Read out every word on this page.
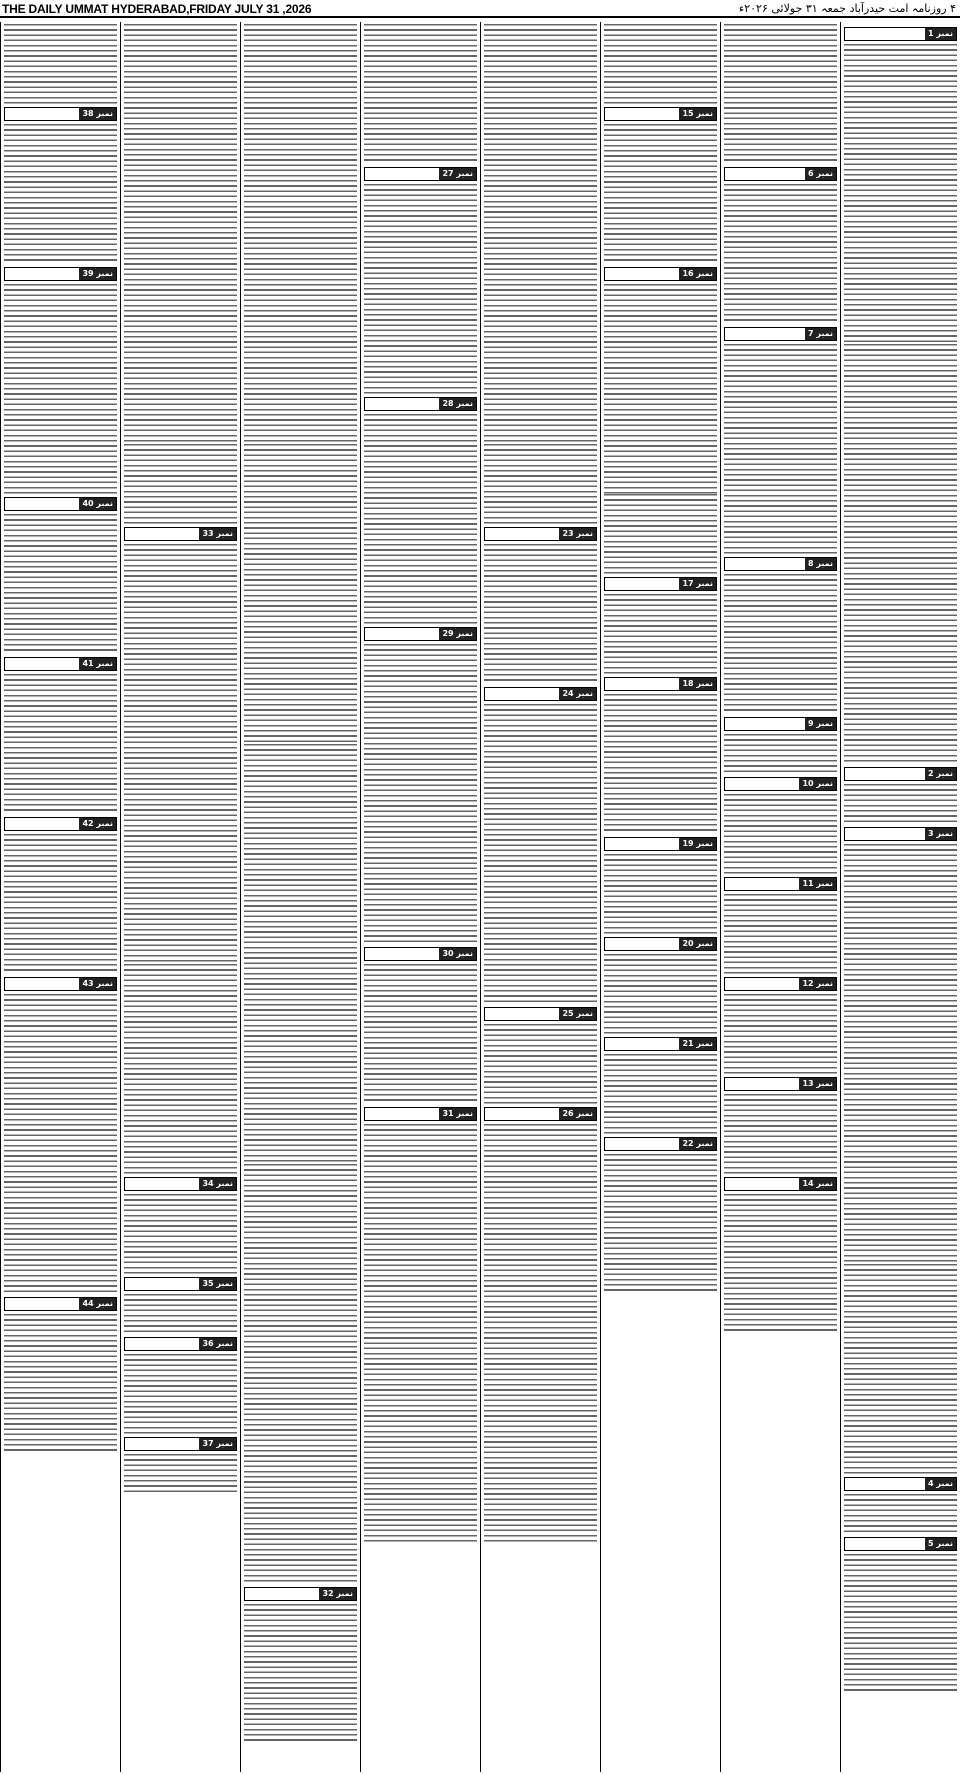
THE DAILY UMMAT HYDERABAD,FRIDAY JULY 31 ,2026	۴ روزنامہ امت حیدرآباد جمعہ ۳۱ جولائی ۲۰۲۶ء
نمبر 1
نمبر 2
نمبر 3
نمبر 4
نمبر 5
نمبر 6
نمبر 7
نمبر 8
نمبر 9
نمبر 10
نمبر 11
نمبر 12
نمبر 13
نمبر 14
نمبر 15
نمبر 16
نمبر 17
نمبر 18
نمبر 19
نمبر 20
نمبر 21
نمبر 22
نمبر 23
نمبر 24
نمبر 25
نمبر 26
نمبر 27
نمبر 28
نمبر 29
نمبر 30
نمبر 31
نمبر 32
نمبر 33
نمبر 34
نمبر 35
نمبر 36
نمبر 37
نمبر 38
نمبر 39
نمبر 40
نمبر 41
نمبر 42
نمبر 43
نمبر 44
